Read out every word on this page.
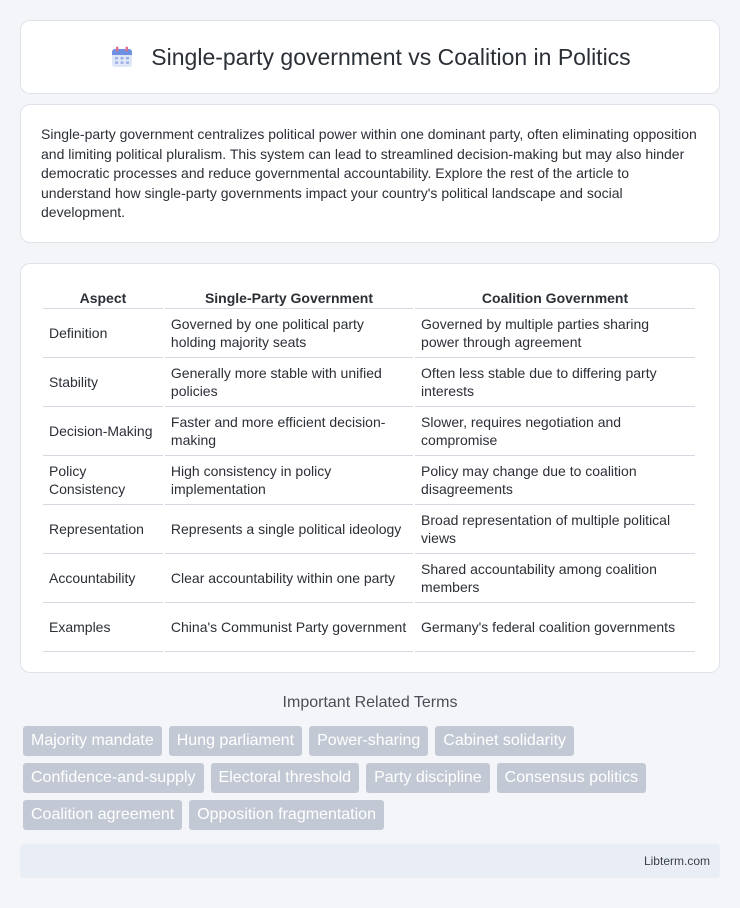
Single-party government vs Coalition in Politics

Single-party government centralizes political power within one dominant party, often eliminating opposition and limiting political pluralism. This system can lead to streamlined decision-making but may also hinder democratic processes and reduce governmental accountability. Explore the rest of the article to understand how single-party governments impact your country's political landscape and social development.

Aspect	Single-Party Government	Coalition Government
Definition	Governed by one political party holding majority seats	Governed by multiple parties sharing power through agreement
Stability	Generally more stable with unified policies	Often less stable due to differing party interests
Decision-Making	Faster and more efficient decision-making	Slower, requires negotiation and compromise
Policy Consistency	High consistency in policy implementation	Policy may change due to coalition disagreements
Representation	Represents a single political ideology	Broad representation of multiple political views
Accountability	Clear accountability within one party	Shared accountability among coalition members
Examples	China's Communist Party government	Germany's federal coalition governments
Important Related Terms
Majority mandate	Hung parliament	Power-sharing	Cabinet solidarity
Confidence-and-supply	Electoral threshold	Party discipline	Consensus politics
Coalition agreement	Opposition fragmentation
Libterm.com
